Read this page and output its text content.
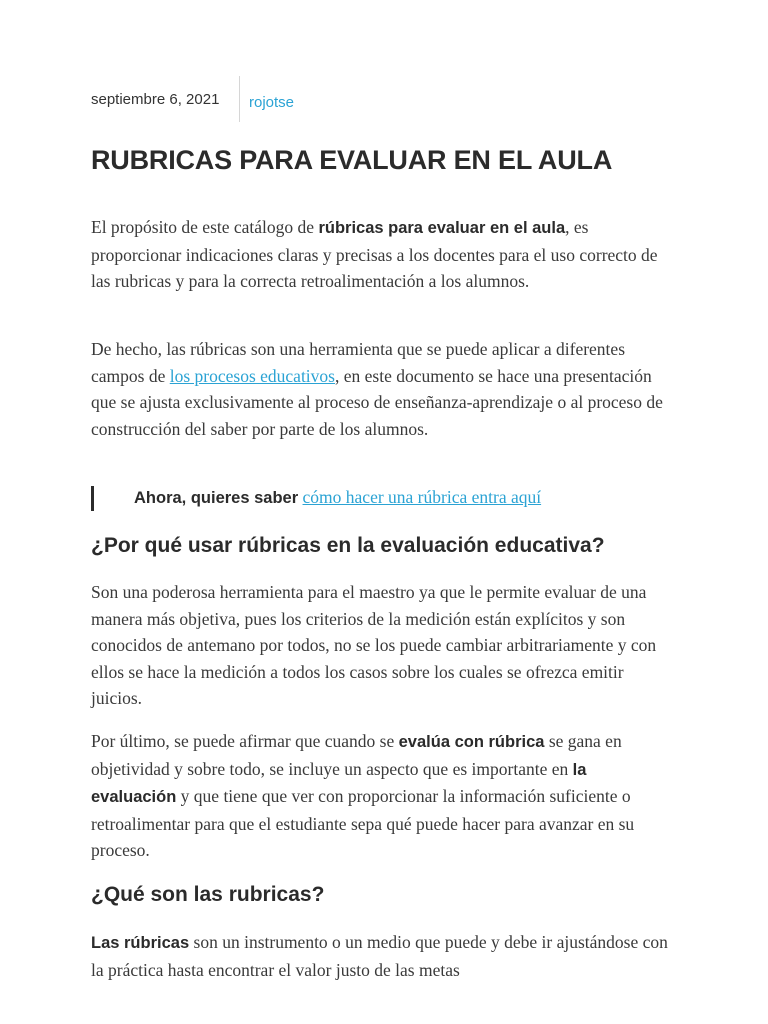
septiembre 6, 2021 rojotse
RUBRICAS PARA EVALUAR EN EL AULA

El propósito de este catálogo de rúbricas para evaluar en el aula, es proporcionar indicaciones claras y precisas a los docentes para el uso correcto de las rubricas y para la correcta retroalimentación a los alumnos.

De hecho, las rúbricas son una herramienta que se puede aplicar a diferentes campos de los procesos educativos, en este documento se hace una presentación que se ajusta exclusivamente al proceso de enseñanza-aprendizaje o al proceso de construcción del saber por parte de los alumnos.

Ahora, quieres saber cómo hacer una rúbrica entra aquí
¿Por qué usar rúbricas en la evaluación educativa?

Son una poderosa herramienta para el maestro ya que le permite evaluar de una manera más objetiva, pues los criterios de la medición están explícitos y son conocidos de antemano por todos, no se los puede cambiar arbitrariamente y con ellos se hace la medición a todos los casos sobre los cuales se ofrezca emitir juicios.

Por último, se puede afirmar que cuando se evalúa con rúbrica se gana en objetividad y sobre todo, se incluye un aspecto que es importante en la evaluación y que tiene que ver con proporcionar la información suficiente o retroalimentar para que el estudiante sepa qué puede hacer para avanzar en su proceso.

¿Qué son las rubricas?

Las rúbricas son un instrumento o un medio que puede y debe ir ajustándose con la práctica hasta encontrar el valor justo de las metas
